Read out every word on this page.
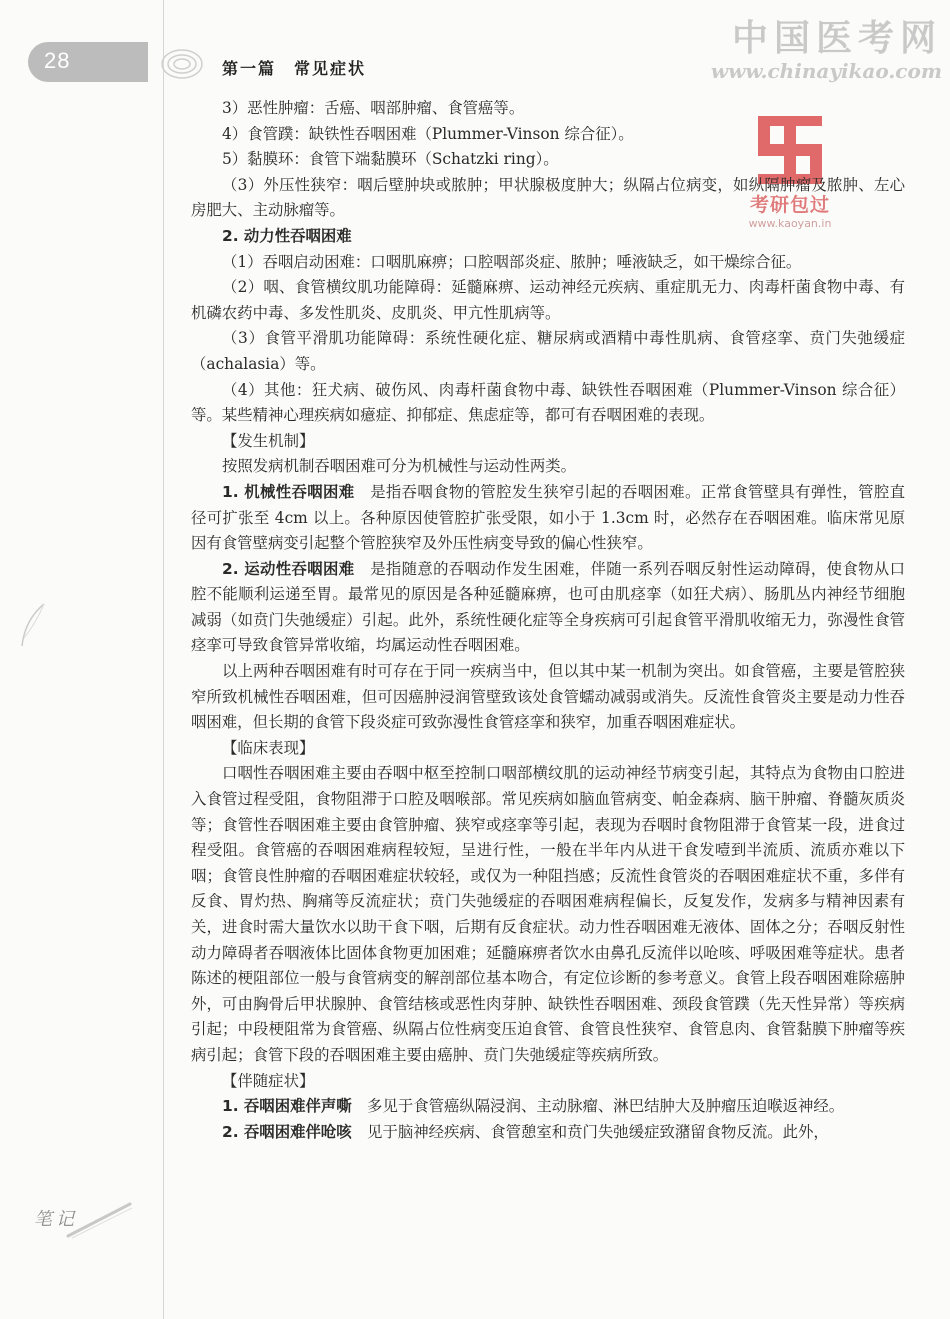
28	第一篇　常见症状
中国医考网
www.chinayikao.com
考研包过
www.kaoyan.in
笔记

3）恶性肿瘤：舌癌、咽部肿瘤、食管癌等。

4）食管蹼：缺铁性吞咽困难（Plummer-Vinson 综合征）。

5）黏膜环：食管下端黏膜环（Schatzki ring）。

（3）外压性狭窄：咽后壁肿块或脓肿；甲状腺极度肿大；纵隔占位病变，如纵隔肿瘤及脓肿、左心房肥大、主动脉瘤等。

2. 动力性吞咽困难

（1）吞咽启动困难：口咽肌麻痹；口腔咽部炎症、脓肿；唾液缺乏，如干燥综合征。

（2）咽、食管横纹肌功能障碍：延髓麻痹、运动神经元疾病、重症肌无力、肉毒杆菌食物中毒、有机磷农药中毒、多发性肌炎、皮肌炎、甲亢性肌病等。

（3）食管平滑肌功能障碍：系统性硬化症、糖尿病或酒精中毒性肌病、食管痉挛、贲门失弛缓症（achalasia）等。

（4）其他：狂犬病、破伤风、肉毒杆菌食物中毒、缺铁性吞咽困难（Plummer-Vinson 综合征）等。某些精神心理疾病如癔症、抑郁症、焦虑症等，都可有吞咽困难的表现。

【发生机制】

按照发病机制吞咽困难可分为机械性与运动性两类。

1. 机械性吞咽困难　是指吞咽食物的管腔发生狭窄引起的吞咽困难。正常食管壁具有弹性，管腔直径可扩张至 4cm 以上。各种原因使管腔扩张受限，如小于 1.3cm 时，必然存在吞咽困难。临床常见原因有食管壁病变引起整个管腔狭窄及外压性病变导致的偏心性狭窄。

2. 运动性吞咽困难　是指随意的吞咽动作发生困难，伴随一系列吞咽反射性运动障碍，使食物从口腔不能顺利运递至胃。最常见的原因是各种延髓麻痹，也可由肌痉挛（如狂犬病）、肠肌丛内神经节细胞减弱（如贲门失弛缓症）引起。此外，系统性硬化症等全身疾病可引起食管平滑肌收缩无力，弥漫性食管痉挛可导致食管异常收缩，均属运动性吞咽困难。

以上两种吞咽困难有时可存在于同一疾病当中，但以其中某一机制为突出。如食管癌，主要是管腔狭窄所致机械性吞咽困难，但可因癌肿浸润管壁致该处食管蠕动减弱或消失。反流性食管炎主要是动力性吞咽困难，但长期的食管下段炎症可致弥漫性食管痉挛和狭窄，加重吞咽困难症状。

【临床表现】

口咽性吞咽困难主要由吞咽中枢至控制口咽部横纹肌的运动神经节病变引起，其特点为食物由口腔进入食管过程受阻，食物阻滞于口腔及咽喉部。常见疾病如脑血管病变、帕金森病、脑干肿瘤、脊髓灰质炎等；食管性吞咽困难主要由食管肿瘤、狭窄或痉挛等引起，表现为吞咽时食物阻滞于食管某一段，进食过程受阻。食管癌的吞咽困难病程较短，呈进行性，一般在半年内从进干食发噎到半流质、流质亦难以下咽；食管良性肿瘤的吞咽困难症状较轻，或仅为一种阻挡感；反流性食管炎的吞咽困难症状不重，多伴有反食、胃灼热、胸痛等反流症状；贲门失弛缓症的吞咽困难病程偏长，反复发作，发病多与精神因素有关，进食时需大量饮水以助干食下咽，后期有反食症状。动力性吞咽困难无液体、固体之分；吞咽反射性动力障碍者吞咽液体比固体食物更加困难；延髓麻痹者饮水由鼻孔反流伴以呛咳、呼吸困难等症状。患者陈述的梗阻部位一般与食管病变的解剖部位基本吻合，有定位诊断的参考意义。食管上段吞咽困难除癌肿外，可由胸骨后甲状腺肿、食管结核或恶性肉芽肿、缺铁性吞咽困难、颈段食管蹼（先天性异常）等疾病引起；中段梗阻常为食管癌、纵隔占位性病变压迫食管、食管良性狭窄、食管息肉、食管黏膜下肿瘤等疾病引起；食管下段的吞咽困难主要由癌肿、贲门失弛缓症等疾病所致。

【伴随症状】

1. 吞咽困难伴声嘶　多见于食管癌纵隔浸润、主动脉瘤、淋巴结肿大及肿瘤压迫喉返神经。

2. 吞咽困难伴呛咳　见于脑神经疾病、食管憩室和贲门失弛缓症致潴留食物反流。此外，
